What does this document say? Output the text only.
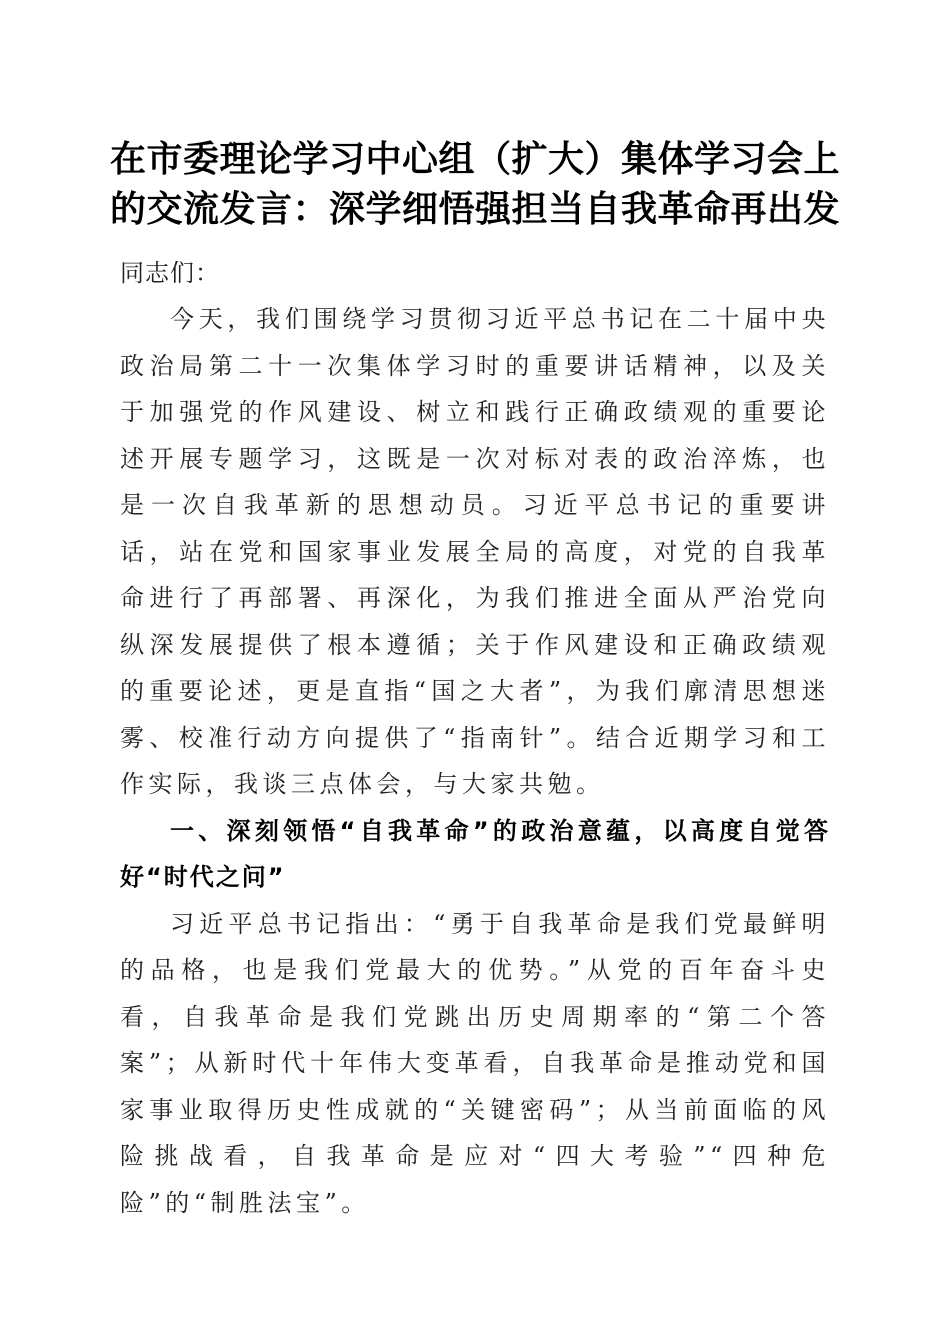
在市委理论学习中心组（扩大）集体学习会上
的交流发言：深学细悟强担当自我革命再出发

同志们：

今天，我们围绕学习贯彻习近平总书记在二十届中央政治局第二十一次集体学习时的重要讲话精神，以及关于加强党的作风建设、树立和践行正确政绩观的重要论述开展专题学习，这既是一次对标对表的政治淬炼，也是一次自我革新的思想动员。习近平总书记的重要讲话，站在党和国家事业发展全局的高度，对党的自我革命进行了再部署、再深化，为我们推进全面从严治党向纵深发展提供了根本遵循；关于作风建设和正确政绩观的重要论述，更是直指“国之大者”，为我们廓清思想迷雾、校准行动方向提供了“指南针”。结合近期学习和工作实际，我谈三点体会，与大家共勉。

一、深刻领悟“自我革命”的政治意蕴，以高度自觉答好“时代之问”

习近平总书记指出：“勇于自我革命是我们党最鲜明的品格，也是我们党最大的优势。”从党的百年奋斗史看，自我革命是我们党跳出历史周期率的“第二个答案”；从新时代十年伟大变革看，自我革命是推动党和国家事业取得历史性成就的“关键密码”；从当前面临的风险挑战看，自我革命是应对“四大考验”“四种危险”的“制胜法宝”。
